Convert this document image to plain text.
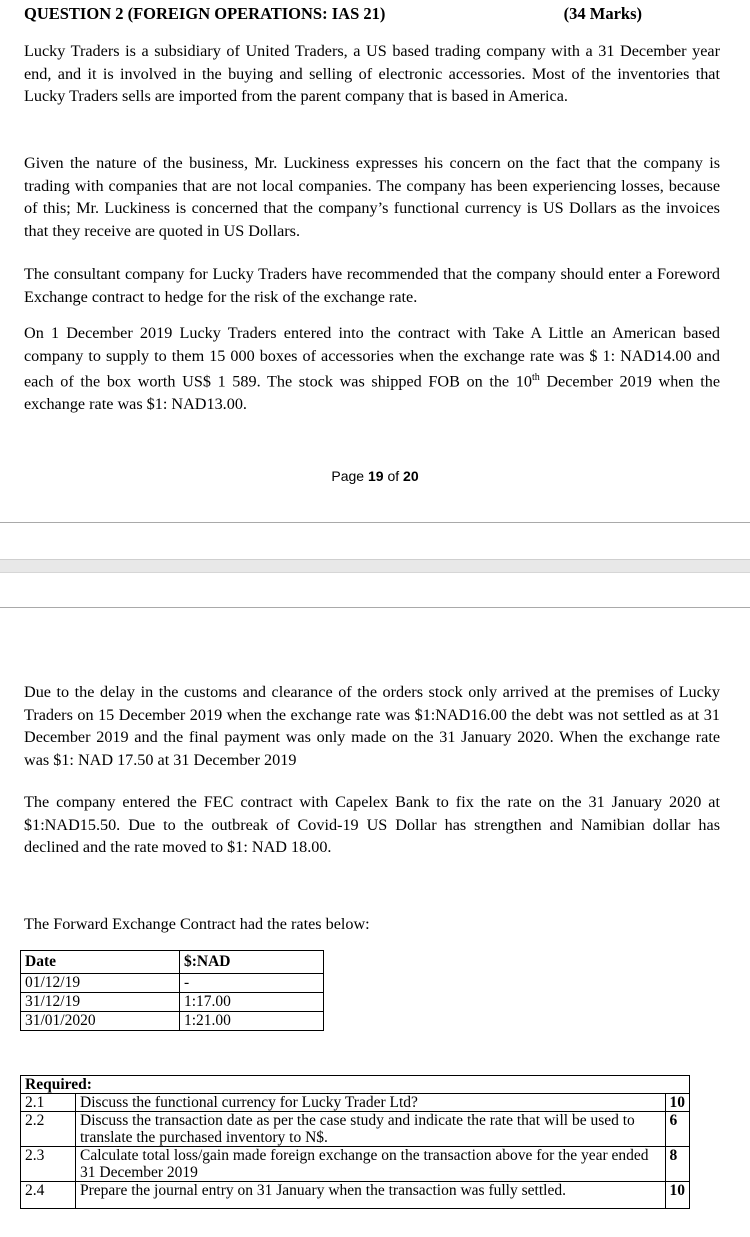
QUESTION 2 (FOREIGN OPERATIONS: IAS 21)	(34 Marks)

Lucky Traders is a subsidiary of United Traders, a US based trading company with a 31 December year end, and it is involved in the buying and selling of electronic accessories. Most of the inventories that Lucky Traders sells are imported from the parent company that is based in America.

Given the nature of the business, Mr. Luckiness expresses his concern on the fact that the company is trading with companies that are not local companies. The company has been experiencing losses, because of this; Mr. Luckiness is concerned that the company’s functional currency is US Dollars as the invoices that they receive are quoted in US Dollars.

The consultant company for Lucky Traders have recommended that the company should enter a Foreword Exchange contract to hedge for the risk of the exchange rate.

On 1 December 2019 Lucky Traders entered into the contract with Take A Little an American based company to supply to them 15 000 boxes of accessories when the exchange rate was $ 1: NAD14.00 and each of the box worth US$ 1 589. The stock was shipped FOB on the 10th December 2019 when the exchange rate was $1: NAD13.00.

Page 19 of 20

Due to the delay in the customs and clearance of the orders stock only arrived at the premises of Lucky Traders on 15 December 2019 when the exchange rate was $1:NAD16.00 the debt was not settled as at 31 December 2019 and the final payment was only made on the 31 January 2020. When the exchange rate was $1: NAD 17.50 at 31 December 2019

The company entered the FEC contract with Capelex Bank to fix the rate on the 31 January 2020 at $1:NAD15.50. Due to the outbreak of Covid-19 US Dollar has strengthen and Namibian dollar has declined and the rate moved to $1: NAD 18.00.

The Forward Exchange Contract had the rates below:

Date	$:NAD
01/12/19	-
31/12/19	1:17.00
31/01/2020	1:21.00
Required:		
2.1	Discuss the functional currency for Lucky Trader Ltd?	10
2.2	Discuss the transaction date as per the case study and indicate the rate that will be used to translate the purchased inventory to N$.	6
2.3	Calculate total loss/gain made foreign exchange on the transaction above for the year ended 31 December 2019	8
2.4	Prepare the journal entry on 31 January when the transaction was fully settled.	10
